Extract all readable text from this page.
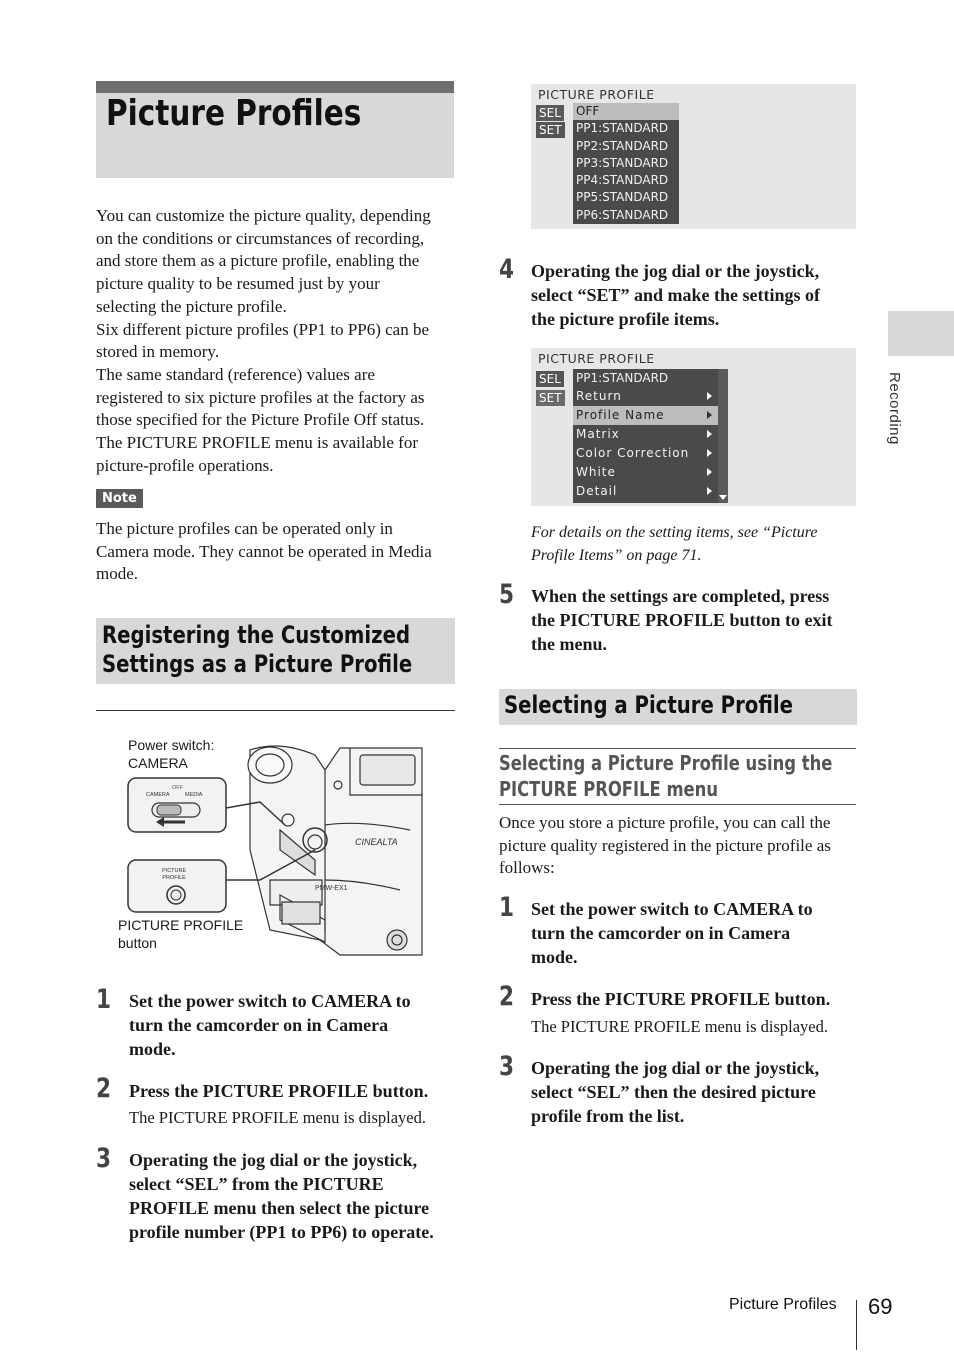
Picture Profiles
You can customize the picture quality, depending
on the conditions or circumstances of recording,
and store them as a picture profile, enabling the
picture quality to be resumed just by your
selecting the picture profile.
Six different picture profiles (PP1 to PP6) can be
stored in memory.
The same standard (reference) values are
registered to six picture profiles at the factory as
those specified for the Picture Profile Off status.
The PICTURE PROFILE menu is available for
picture-profile operations.
Note
The picture profiles can be operated only in
Camera mode. They cannot be operated in Media
mode.
Registering the Customized
Settings as a Picture Profile
CINEALTA
PMW-EX1
Power switch:
CAMERA
CAMERA	MEDIA
OFF
PICTURE
PROFILE
PICTURE PROFILE
button
1 Set the power switch to CAMERA to
turn the camcorder on in Camera
mode.
2 Press the PICTURE PROFILE button.
The PICTURE PROFILE menu is displayed.
3 Operating the jog dial or the joystick,
select “SEL” from the PICTURE
PROFILE menu then select the picture
profile number (PP1 to PP6) to operate.
PICTURE PROFILE
SEL
SET
OFF
PP1:STANDARD
PP2:STANDARD
PP3:STANDARD
PP4:STANDARD
PP5:STANDARD
PP6:STANDARD
4 Operating the jog dial or the joystick,
select “SET” and make the settings of
the picture profile items.
PICTURE PROFILE
SEL
SET
PP1:STANDARD
Return
Profile Name
Matrix
Color Correction
White
Detail
For details on the setting items, see “Picture
Profile Items” on page 71.
5 When the settings are completed, press
the PICTURE PROFILE button to exit
the menu.
Selecting a Picture Profile
Selecting a Picture Profile using the
PICTURE PROFILE menu
Once you store a picture profile, you can call the
picture quality registered in the picture profile as
follows:
1 Set the power switch to CAMERA to
turn the camcorder on in Camera
mode.
2 Press the PICTURE PROFILE button.
The PICTURE PROFILE menu is displayed.
3 Operating the jog dial or the joystick,
select “SEL” then the desired picture
profile from the list.
Recording
Picture Profiles 69
